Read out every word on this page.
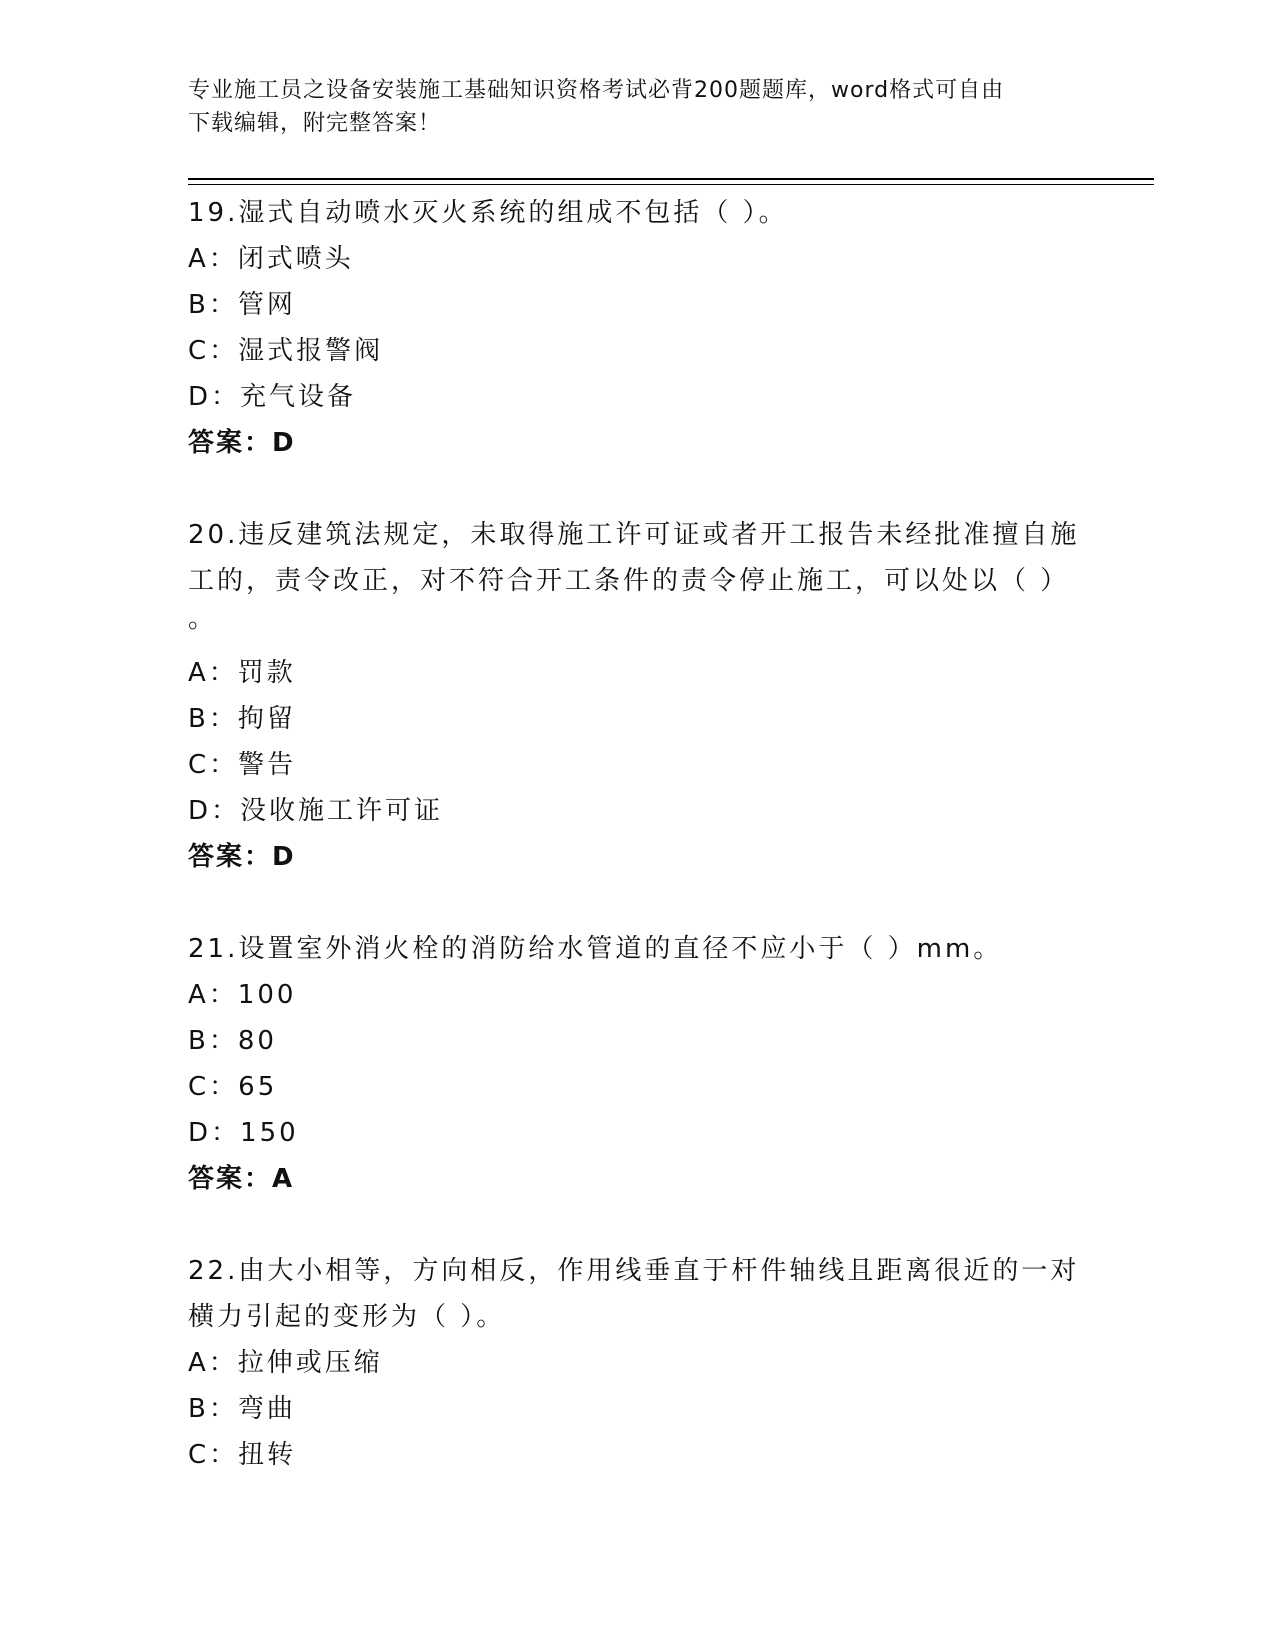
专业施工员之设备安装施工基础知识资格考试必背200题题库，word格式可自由
下载编辑，附完整答案！
19.湿式自动喷水灭火系统的组成不包括（ ）。
A：闭式喷头
B：管网
C：湿式报警阀
D：充气设备
答案：D
20.违反建筑法规定，未取得施工许可证或者开工报告未经批准擅自施
工的，责令改正，对不符合开工条件的责令停止施工，可以处以（ ）
。
A：罚款
B：拘留
C：警告
D：没收施工许可证
答案：D
21.设置室外消火栓的消防给水管道的直径不应小于（ ）mm。
A：100
B：80
C：65
D：150
答案：A
22.由大小相等，方向相反，作用线垂直于杆件轴线且距离很近的一对
横力引起的变形为（ ）。
A：拉伸或压缩
B：弯曲
C：扭转
